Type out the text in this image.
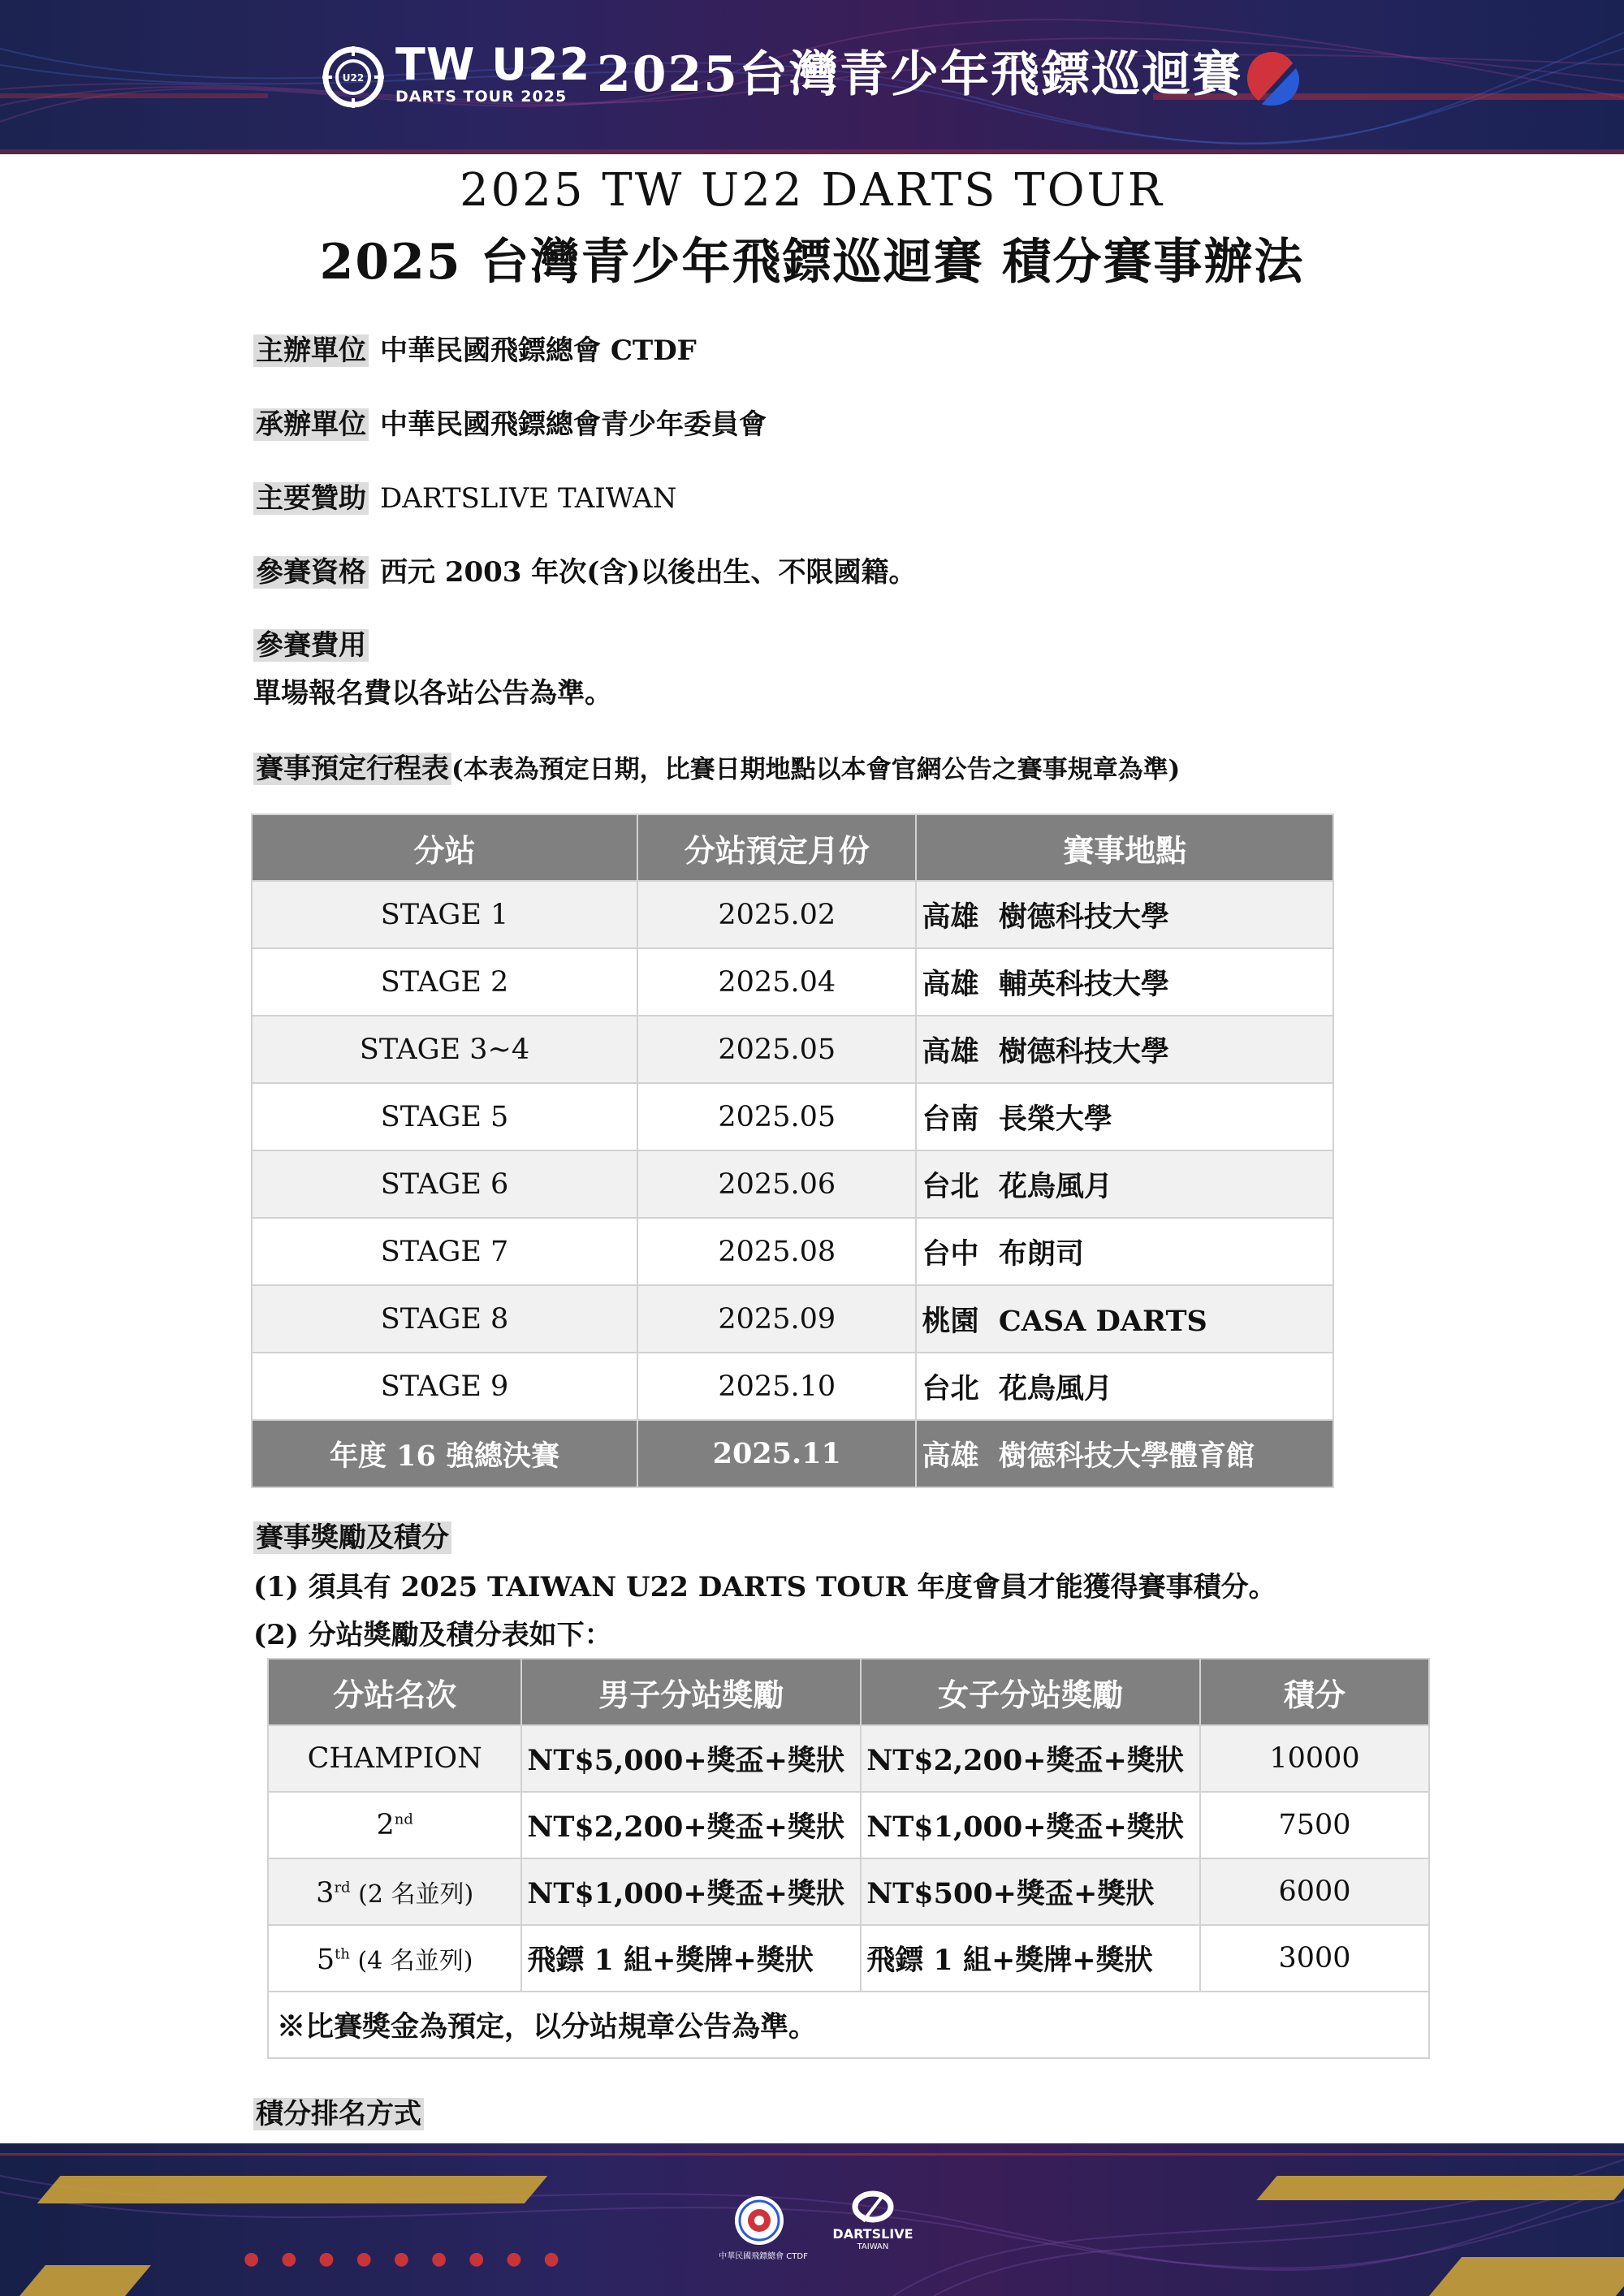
U22 TW U22
DARTS TOUR 2025 2025台灣青少年飛鏢巡迴賽
2025 TW U22 DARTS TOUR
2025 台灣青少年飛鏢巡迴賽 積分賽事辦法
主辦單位 中華民國飛鏢總會 CTDF
承辦單位 中華民國飛鏢總會青少年委員會
主要贊助 DARTSLIVE TAIWAN
參賽資格 西元 2003 年次(含)以後出生、不限國籍。
參賽費用
單場報名費以各站公告為準。
賽事預定行程表(本表為預定日期，比賽日期地點以本會官網公告之賽事規章為準)
分站	分站預定月份	賽事地點
STAGE 1	2025.02	高雄 樹德科技大學
STAGE 2	2025.04	高雄 輔英科技大學
STAGE 3~4	2025.05	高雄 樹德科技大學
STAGE 5	2025.05	台南 長榮大學
STAGE 6	2025.06	台北 花鳥風月
STAGE 7	2025.08	台中 布朗司
STAGE 8	2025.09	桃園 CASA DARTS
STAGE 9	2025.10	台北 花鳥風月
年度 16 強總決賽	2025.11	高雄 樹德科技大學體育館
賽事獎勵及積分
(1) 須具有 2025 TAIWAN U22 DARTS TOUR 年度會員才能獲得賽事積分。
(2) 分站獎勵及積分表如下：
分站名次	男子分站獎勵	女子分站獎勵	積分
CHAMPION	NT$5,000+獎盃+獎狀	NT$2,200+獎盃+獎狀	10000
2nd	NT$2,200+獎盃+獎狀	NT$1,000+獎盃+獎狀	7500
3rd (2 名並列)	NT$1,000+獎盃+獎狀	NT$500+獎盃+獎狀	6000
5th (4 名並列)	飛鏢 1 組+獎牌+獎狀	飛鏢 1 組+獎牌+獎狀	3000
※比賽獎金為預定，以分站規章公告為準。			
積分排名方式
● ● ● ● ● ● ● ● ●	中華民國飛鏢總會 CTDF
DARTSLIVE
TAIWAN
